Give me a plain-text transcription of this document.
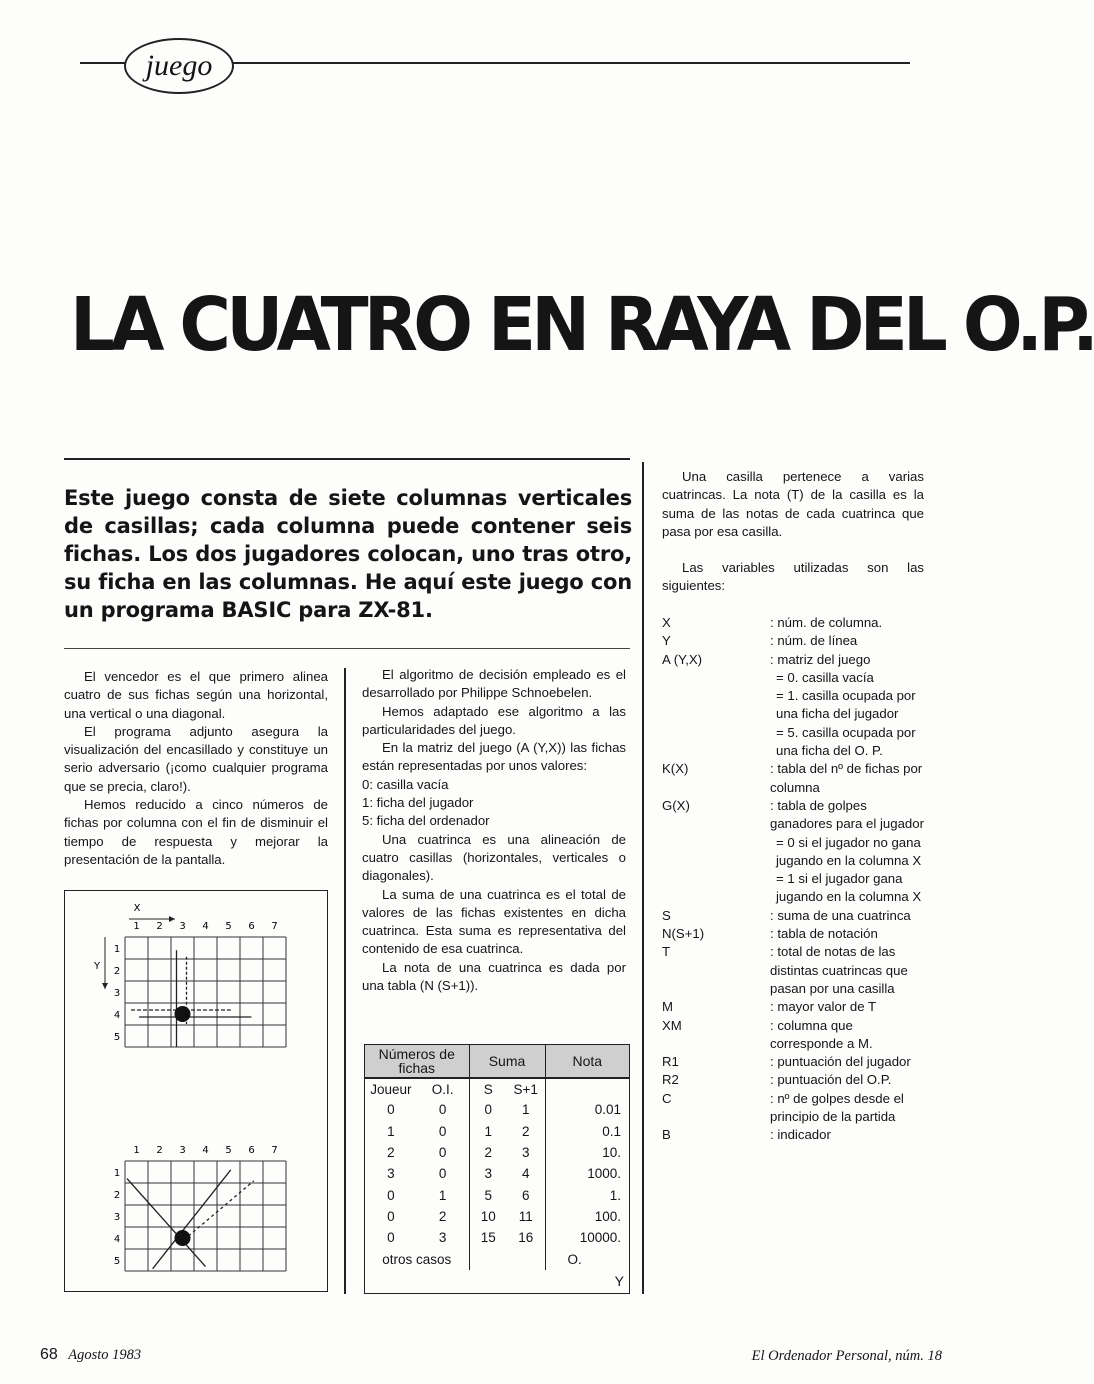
juego
LA CUATRO EN RAYA DEL O.P.

Este juego consta de siete columnas verticales de casillas; cada columna puede contener seis fichas. Los dos jugadores colocan, uno tras otro, su ficha en las columnas. He aquí este juego con un programa BASIC para ZX-81.

El vencedor es el que primero alinea cuatro de sus fichas según una horizontal, una vertical o una diagonal.

El programa adjunto asegura la visualización del encasillado y constituye un serio adversario (¡como cualquier programa que se precia, claro!).

Hemos reducido a cinco números de fichas por columna con el fin de disminuir el tiempo de respuesta y mejorar la presentación de la pantalla.

1 2 3 4 5 6 7
1
2
3
4
5
X
Y
1 2 3 4 5 6 7
1
2
3
4
5

El algoritmo de decisión empleado es el desarrollado por Philippe Schnoebelen.

Hemos adaptado ese algoritmo a las particularidades del juego.

En la matriz del juego (A (Y,X)) las fichas están representadas por unos valores:

0: casilla vacía

1: ficha del jugador

5: ficha del ordenador

Una cuatrinca es una alineación de cuatro casillas (horizontales, verticales o diagonales).

La suma de una cuatrinca es el total de valores de las fichas existentes en dicha cuatrinca. Esta suma es representativa del contenido de esa cuatrinca.

La nota de una cuatrinca es dada por una tabla (N (S+1)).

Números de fichas	Suma	Nota
Joueur O.I.	S S+1	
0 0	0 1	0.01
1 0	1 2	0.1
2 0	2 3	10.
3 0	3 4	1000.
0 1	5 6	1.
0 2	10 11	100.
0 3	15 16	10000.
otros casos		O.
Y

Una casilla pertenece a varias cuatrincas. La nota (T) de la casilla es la suma de las notas de cada cuatrinca que pasa por esa casilla.

Las variables utilizadas son las siguientes:

X	: núm. de columna.
Y	: núm. de línea
A (Y,X)	: matriz del juego
= 0. casilla vacía
= 1. casilla ocupada por una ficha del jugador
= 5. casilla ocupada por una ficha del O. P.
K(X)	: tabla del nº de fichas por columna
G(X)	: tabla de golpes ganadores para el jugador
= 0 si el jugador no gana jugando en la columna X
= 1 si el jugador gana jugando en la columna X
S	: suma de una cuatrinca
N(S+1)	: tabla de notación
T	: total de notas de las distintas cuatrincas que pasan por una casilla
M	: mayor valor de T
XM	: columna que corresponde a M.
R1	: puntuación del jugador
R2	: puntuación del O.P.
C	: nº de golpes desde el principio de la partida
B	: indicador
68 Agosto 1983	El Ordenador Personal, núm. 18
